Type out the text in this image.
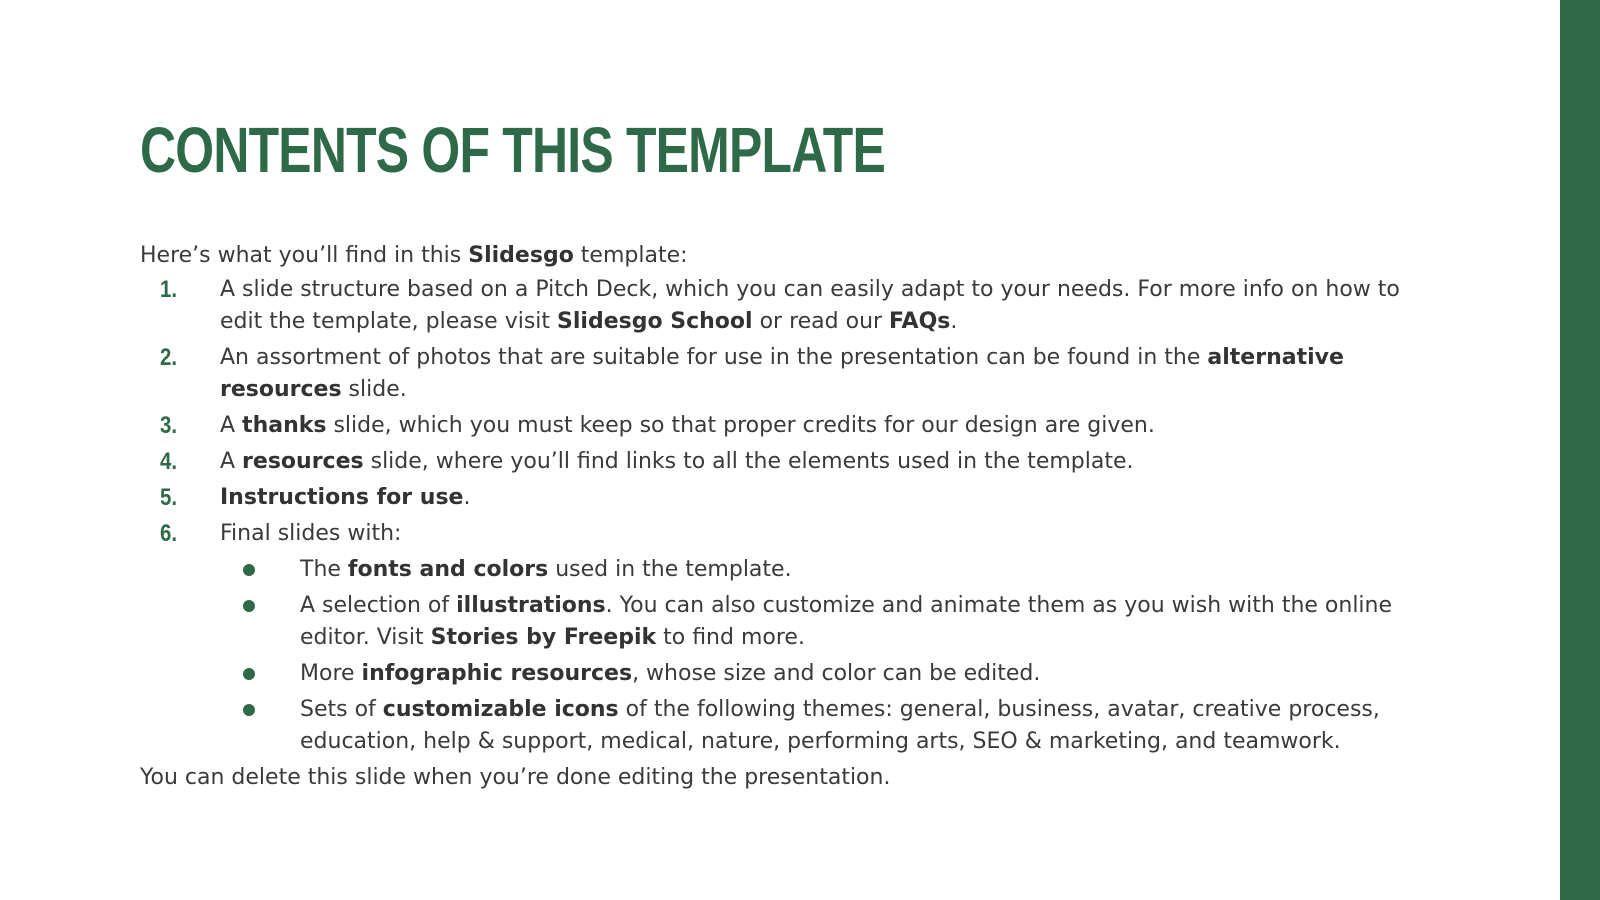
CONTENTS OF THIS TEMPLATE

Here’s what you’ll find in this Slidesgo template:

1.	A slide structure based on a Pitch Deck, which you can easily adapt to your needs. For more info on how to edit the template, please visit Slidesgo School or read our FAQs.
2.	An assortment of photos that are suitable for use in the presentation can be found in the alternative resources slide.
3.	A thanks slide, which you must keep so that proper credits for our design are given.
4.	A resources slide, where you’ll find links to all the elements used in the template.
5.	Instructions for use.
6.	Final slides with:
The fonts and colors used in the template.
A selection of illustrations. You can also customize and animate them as you wish with the online editor. Visit Stories by Freepik to find more.
More infographic resources, whose size and color can be edited.
Sets of customizable icons of the following themes: general, business, avatar, creative process, education, help & support, medical, nature, performing arts, SEO & marketing, and teamwork.

You can delete this slide when you’re done editing the presentation.
